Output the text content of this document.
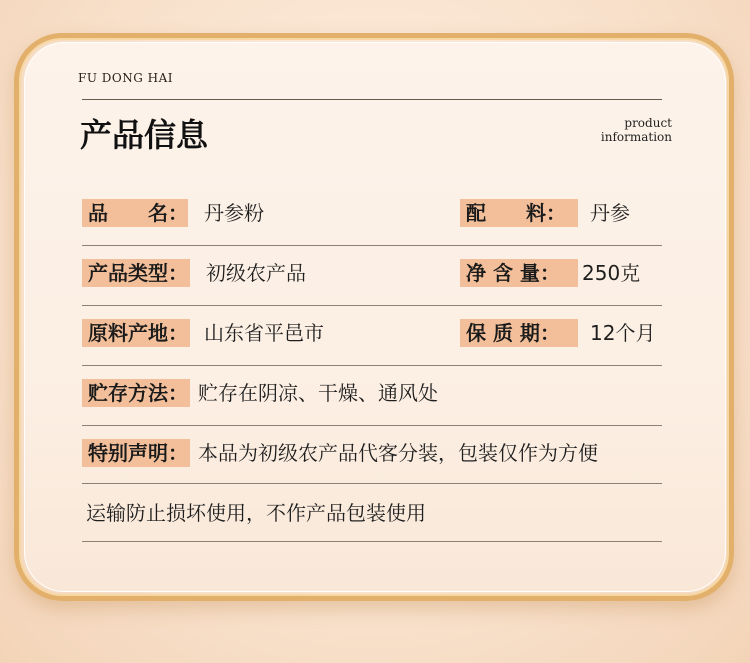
FU DONG HAI
产品信息	product
information
品　　名： 丹参粉	配　　料：	丹参
产品类型： 初级农产品	净 含 量：	250克
原料产地： 山东省平邑市	保 质 期：	12个月
贮存方法： 贮存在阴凉、干燥、通风处
特别声明： 本品为初级农产品代客分装，包装仅作为方便
运输防止损坏使用，不作产品包装使用
